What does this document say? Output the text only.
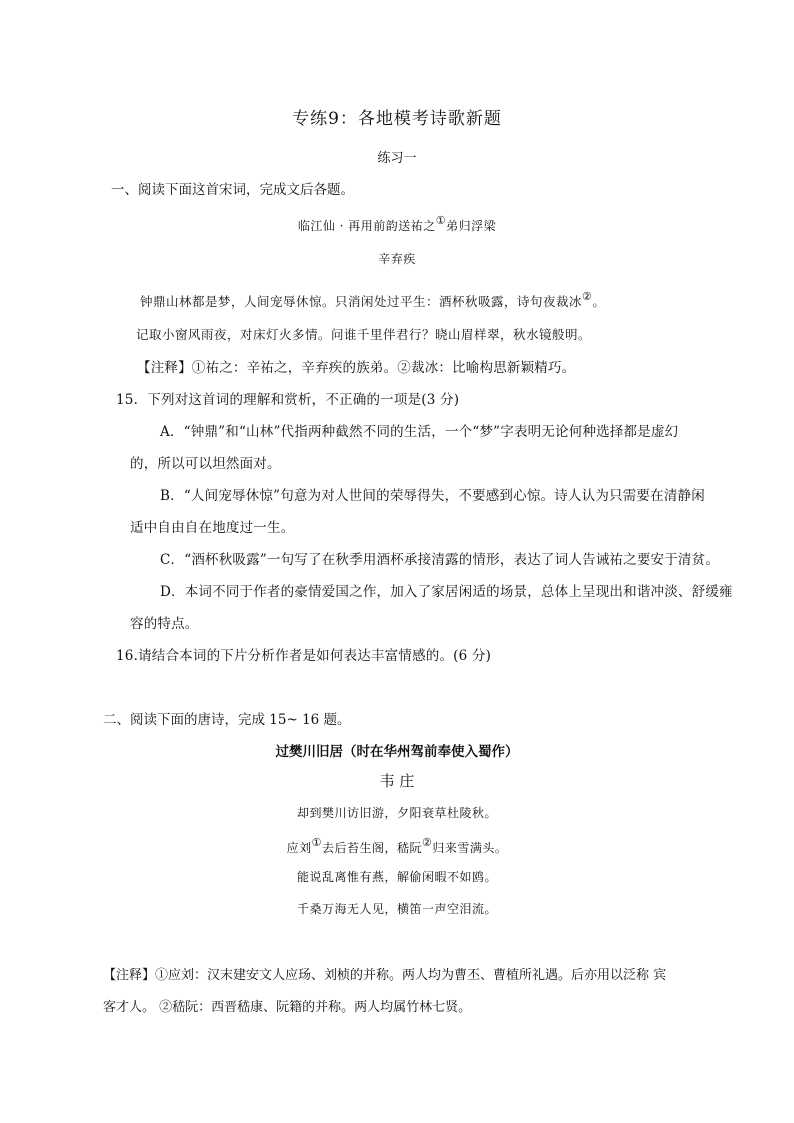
专练9：各地模考诗歌新题
练习一
一、阅读下面这首宋词，完成文后各题。
临江仙 · 再用前韵送祐之①弟归浮梁
辛弃疾
钟鼎山林都是梦，人间宠辱休惊。只消闲处过平生：酒杯秋吸露，诗句夜裁冰②。
记取小窗风雨夜，对床灯火多情。问谁千里伴君行？晓山眉样翠，秋水镜般明。
【注释】①祐之：辛祐之，辛弃疾的族弟。②裁冰：比喻构思新颖精巧。
15．下列对这首词的理解和赏析，不正确的一项是(3 分)
A．“钟鼎”和“山林”代指两种截然不同的生活，一个“梦”字表明无论何种选择都是虚幻
的，所以可以坦然面对。
B．“人间宠辱休惊”句意为对人世间的荣辱得失，不要感到心惊。诗人认为只需要在清静闲
适中自由自在地度过一生。
C．“酒杯秋吸露”一句写了在秋季用酒杯承接清露的情形，表达了词人告诫祐之要安于清贫。
D．本词不同于作者的豪情爱国之作，加入了家居闲适的场景，总体上呈现出和谐冲淡、舒缓雍
容的特点。
16.请结合本词的下片分析作者是如何表达丰富情感的。(6 分)
二、阅读下面的唐诗，完成 15~ 16 题。
过樊川旧居（时在华州驾前奉使入蜀作）
韦 庄
却到樊川访旧游，夕阳衰草杜陵秋。
应刘①去后苔生阁，嵇阮②归来雪满头。
能说乱离惟有燕，解偷闲暇不如鸥。
千桑万海无人见，横笛一声空泪流。
【注释】①应刘：汉末建安文人应玚、刘桢的并称。两人均为曹丕、曹植所礼遇。后亦用以泛称 宾
客才人。 ②嵇阮：西晋嵇康、阮籍的并称。两人均属竹林七贤。
